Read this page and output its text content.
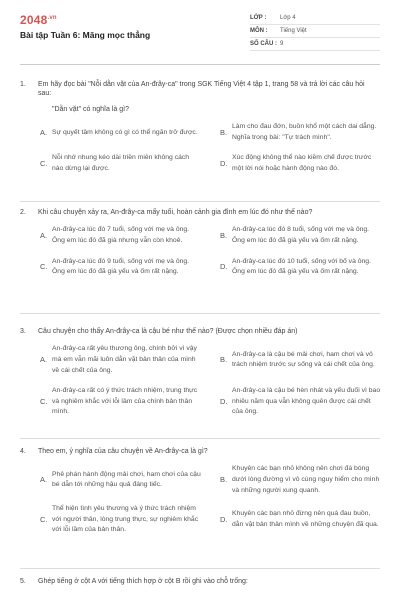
$2048^{.vn}$
Bài tập Tuần 6: Măng mọc thẳng
LỚP :	Lớp 4
MÔN :	Tiếng Việt
SỐ CÂU : 9
1. Em hãy đọc bài "Nỗi dằn vặt của An-đrây-ca" trong SGK Tiếng Việt 4 tập 1, trang 58 và trả lời các câu hỏi sau:
"Dằn vặt" có nghĩa là gì?
A. Sự quyết tâm không có gì có thể ngăn trở được.	B.
Làm cho đau đớn, buồn khổ một cách dai dẳng. Nghĩa trong bài: "Tự trách mình".
C.
Nỗi nhớ nhung kéo dài triền miên không cách nào dừng lại được.
D.
Xúc động không thể nào kiềm chế được trước một lời nói hoặc hành động nào đó.
2. Khi câu chuyện xảy ra, An-đrây-ca mấy tuổi, hoàn cảnh gia đình em lúc đó như thế nào?
A.
An-đrây-ca lúc đó 7 tuổi, sống với mẹ và ông. Ông em lúc đó đã già nhưng vẫn còn khoẻ.
B.
An-đrây-ca lúc đó 8 tuổi, sống với mẹ và ông. Ông em lúc đó đã già yếu và ốm rất nặng.
C.
An-đrây-ca lúc đó 9 tuổi, sống với mẹ và ông. Ông em lúc đó đã già yếu và ốm rất nặng.
D.
An-đrây-ca lúc đó 10 tuổi, sống với bố và ông. Ông em lúc đó đã già yếu và ốm rất nặng.
3. Câu chuyện cho thấy An-đrây-ca là cậu bé như thế nào? (Được chọn nhiều đáp án)
A.
An-đrây-ca rất yêu thương ông, chính bởi vì vậy mà em vẫn mãi luôn dằn vặt bản thân của mình về cái chết của ông.
B.
An-đrây-ca là cậu bé mải chơi, ham chơi và vô trách nhiệm trước sự sống và cái chết của ông.
C.
An-đrây-ca rất có ý thức trách nhiệm, trung thực và nghiêm khắc với lỗi lầm của chính bản thân mình.
D.
An-đrây-ca là cậu bé hèn nhát và yếu đuối vì bao nhiêu năm qua vẫn không quên được cái chết của ông.
4. Theo em, ý nghĩa của câu chuyện về An-đrây-ca là gì?
A.
Phê phán hành động mải chơi, ham chơi của cậu bé dẫn tới những hậu quả đáng tiếc.
B.
Khuyên các bạn nhỏ không nên chơi đá bóng dưới lòng đường vì vô cùng nguy hiểm cho mình và những người xung quanh.
C.
Thể hiện tình yêu thương và ý thức trách nhiệm với người thân, lòng trung thực, sự nghiêm khắc với lỗi lầm của bản thân.
D.
Khuyên các bạn nhỏ đừng nên quá đau buồn, dằn vặt bản thân mình về những chuyện đã qua.
5. Ghép tiếng ở cột A với tiếng thích hợp ở cột B rồi ghi vào chỗ trống:
